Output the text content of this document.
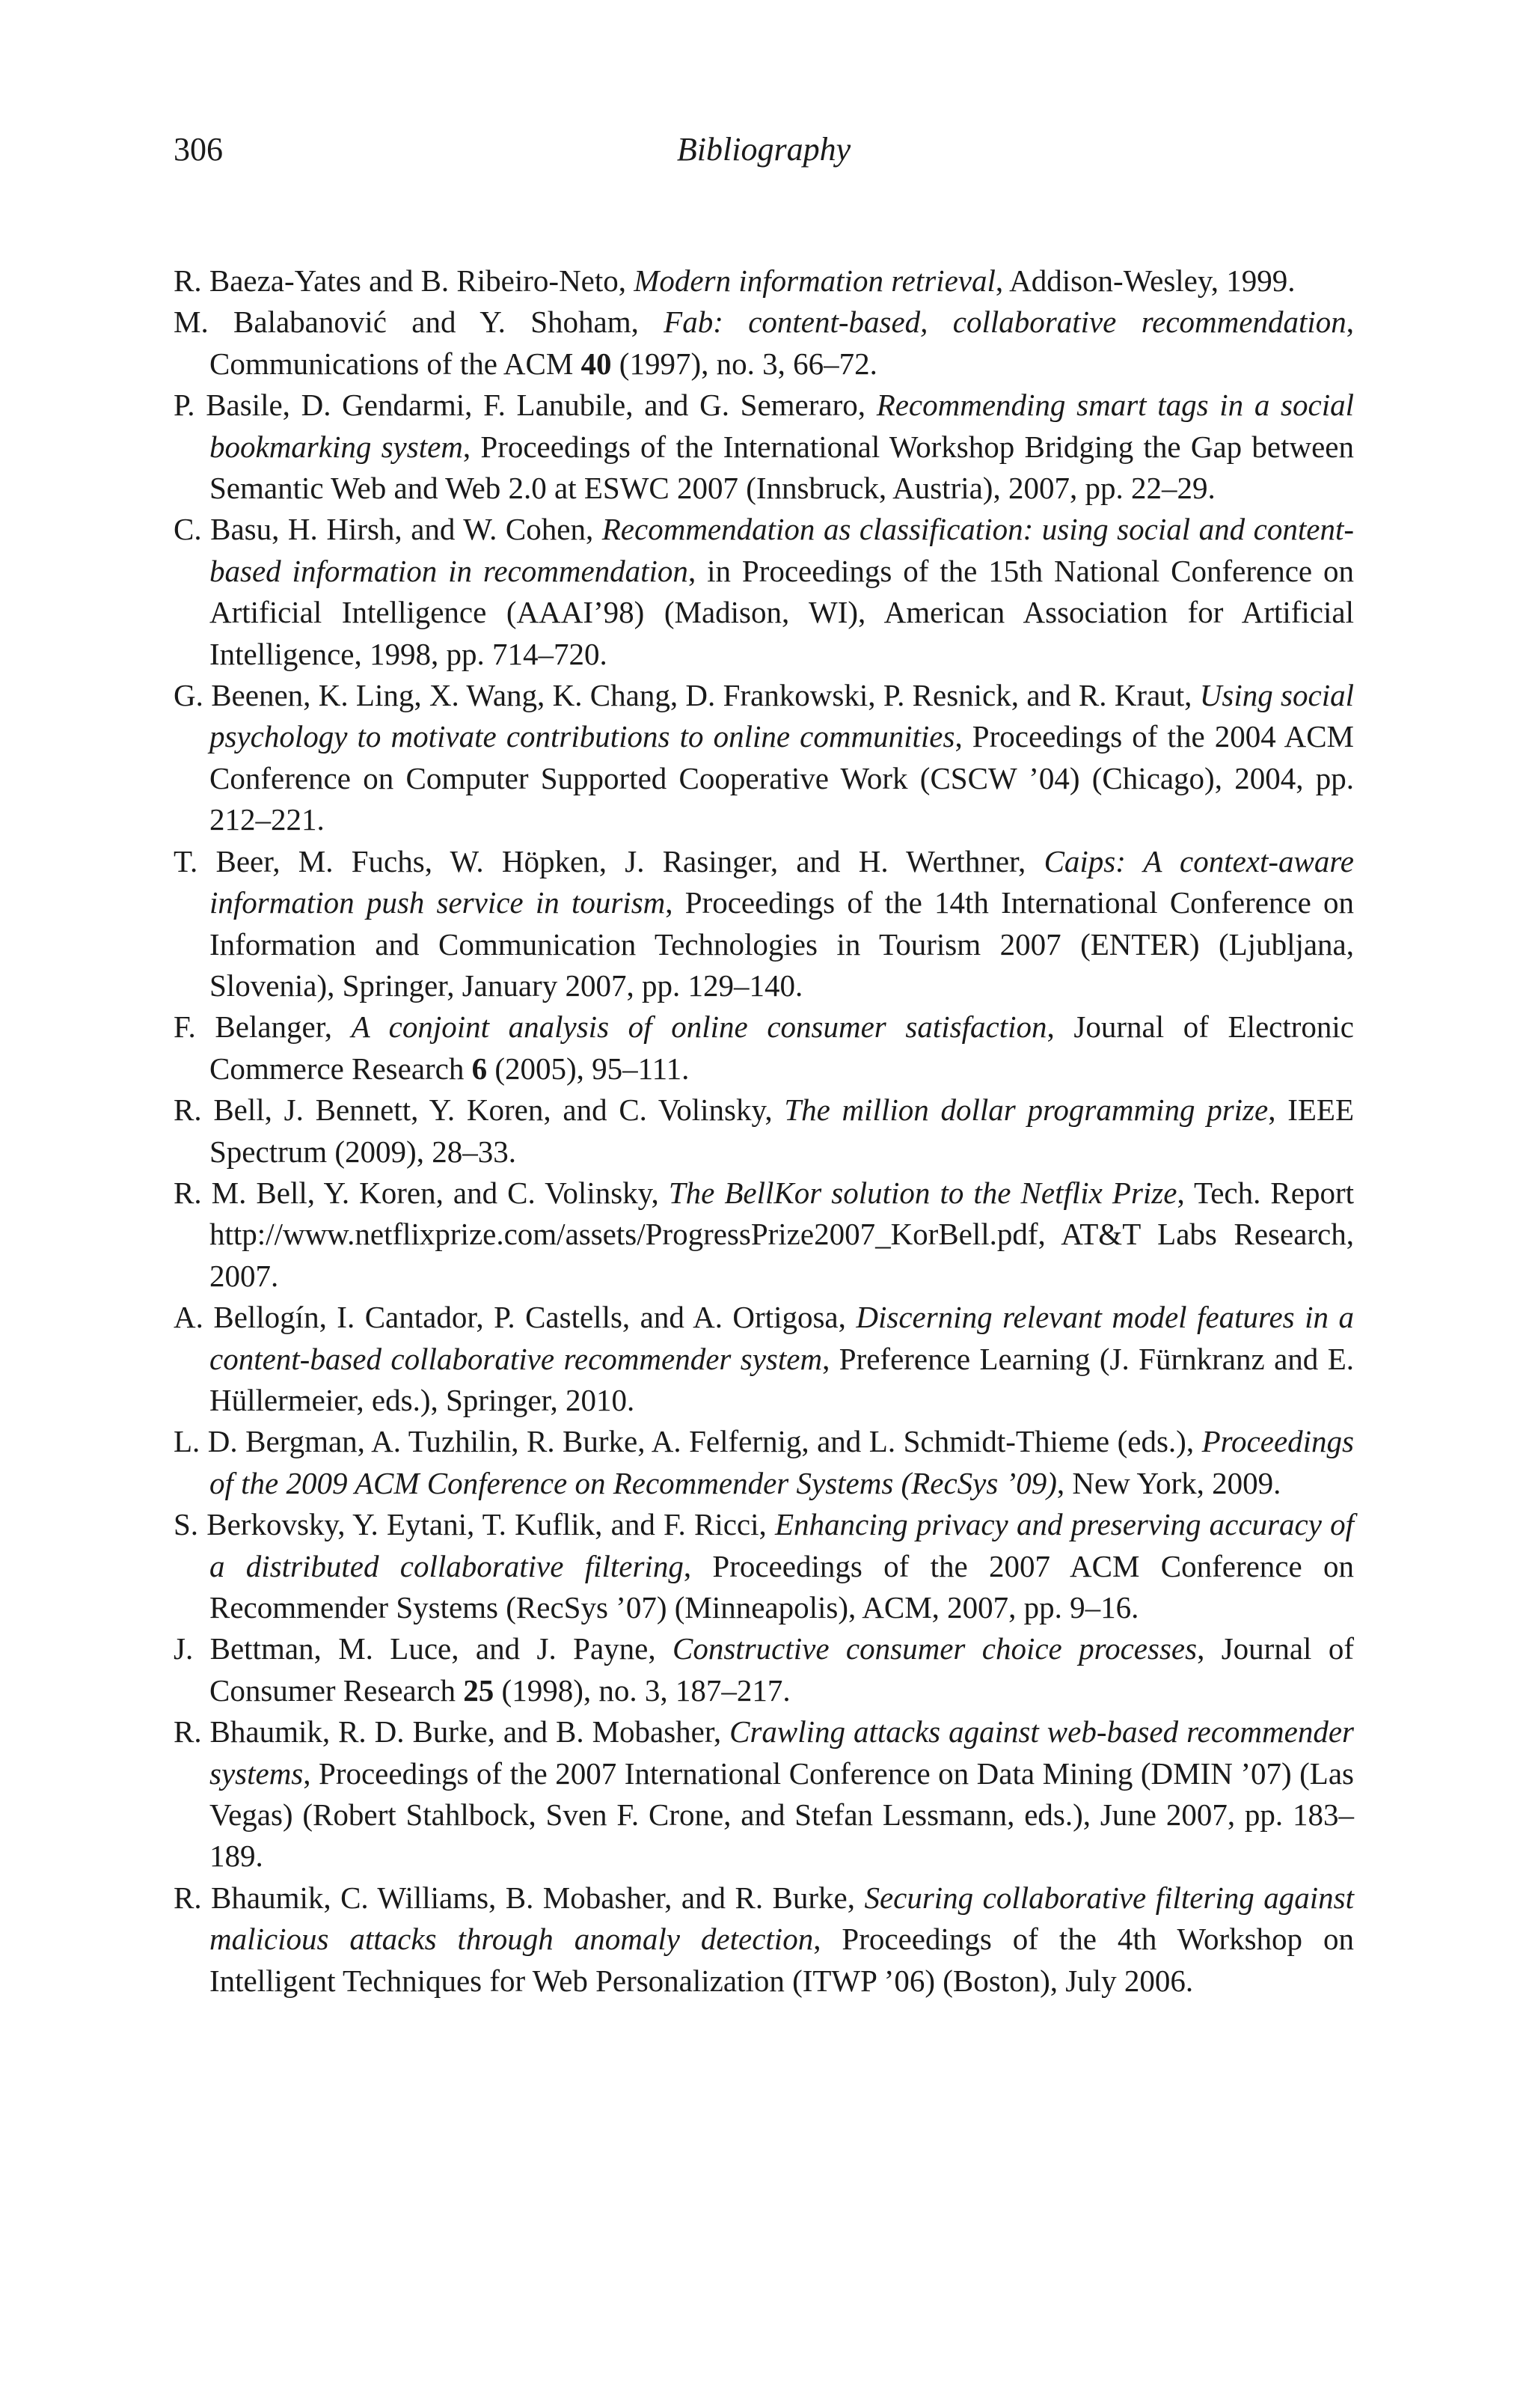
306	Bibliography
R. Baeza-Yates and B. Ribeiro-Neto, Modern information retrieval, Addison-Wesley, 1999.
M. Balabanović and Y. Shoham, Fab: content-based, collaborative recommendation, Communications of the ACM 40 (1997), no. 3, 66–72.
P. Basile, D. Gendarmi, F. Lanubile, and G. Semeraro, Recommending smart tags in a social bookmarking system, Proceedings of the International Workshop Bridging the Gap between Semantic Web and Web 2.0 at ESWC 2007 (Innsbruck, Austria), 2007, pp. 22–29.
C. Basu, H. Hirsh, and W. Cohen, Recommendation as classification: using social and content-based information in recommendation, in Proceedings of the 15th National Conference on Artificial Intelligence (AAAI’98) (Madison, WI), American Association for Artificial Intelligence, 1998, pp. 714–720.
G. Beenen, K. Ling, X. Wang, K. Chang, D. Frankowski, P. Resnick, and R. Kraut, Using social psychology to motivate contributions to online communities, Proceedings of the 2004 ACM Conference on Computer Supported Cooperative Work (CSCW ’04) (Chicago), 2004, pp. 212–221.
T. Beer, M. Fuchs, W. Höpken, J. Rasinger, and H. Werthner, Caips: A context-aware information push service in tourism, Proceedings of the 14th International Conference on Information and Communication Technologies in Tourism 2007 (ENTER) (Ljubljana, Slovenia), Springer, January 2007, pp. 129–140.
F. Belanger, A conjoint analysis of online consumer satisfaction, Journal of Electronic Commerce Research 6 (2005), 95–111.
R. Bell, J. Bennett, Y. Koren, and C. Volinsky, The million dollar programming prize, IEEE Spectrum (2009), 28–33.
R. M. Bell, Y. Koren, and C. Volinsky, The BellKor solution to the Netflix Prize, Tech. Report http://www.netflixprize.com/assets/ProgressPrize2007_KorBell.pdf, AT&T Labs Research, 2007.
A. Bellogín, I. Cantador, P. Castells, and A. Ortigosa, Discerning relevant model features in a content-based collaborative recommender system, Preference Learning (J. Fürnkranz and E. Hüllermeier, eds.), Springer, 2010.
L. D. Bergman, A. Tuzhilin, R. Burke, A. Felfernig, and L. Schmidt-Thieme (eds.), Proceedings of the 2009 ACM Conference on Recommender Systems (RecSys ’09), New York, 2009.
S. Berkovsky, Y. Eytani, T. Kuflik, and F. Ricci, Enhancing privacy and preserving accuracy of a distributed collaborative filtering, Proceedings of the 2007 ACM Conference on Recommender Systems (RecSys ’07) (Minneapolis), ACM, 2007, pp. 9–16.
J. Bettman, M. Luce, and J. Payne, Constructive consumer choice processes, Journal of Consumer Research 25 (1998), no. 3, 187–217.
R. Bhaumik, R. D. Burke, and B. Mobasher, Crawling attacks against web-based recommender systems, Proceedings of the 2007 International Conference on Data Mining (DMIN ’07) (Las Vegas) (Robert Stahlbock, Sven F. Crone, and Stefan Lessmann, eds.), June 2007, pp. 183–189.
R. Bhaumik, C. Williams, B. Mobasher, and R. Burke, Securing collaborative filtering against malicious attacks through anomaly detection, Proceedings of the 4th Workshop on Intelligent Techniques for Web Personalization (ITWP ’06) (Boston), July 2006.
